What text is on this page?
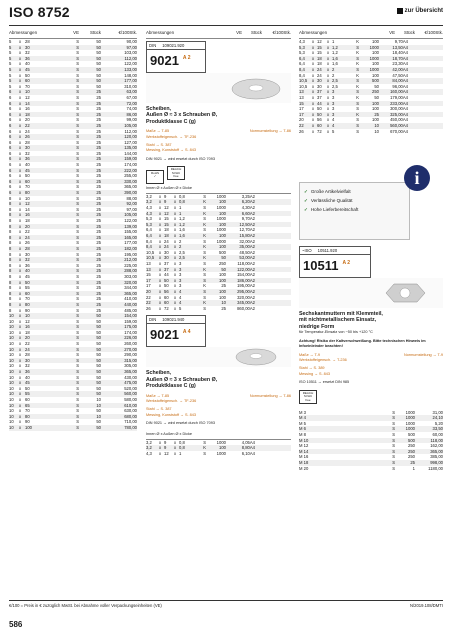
ISO 8752	zur Übersicht
Abmessungen	VE	Stück	€/100Stk.
5	x 28	S	50	90,00
5	x 30	S	50	97,00
5	x 32	S	50	103,00
5	x 36	S	50	112,00
5	x 40	S	50	122,00
5	x 45	S	50	133,00
5	x 50	S	50	148,00
5	x 60	S	50	177,00
5	x 70	S	50	310,00
6	x 10	S	25	63,00
6	x 12	S	25	67,00
6	x 14	S	25	72,00
6	x 16	S	25	74,00
6	x 18	S	25	86,00
6	x 20	S	25	99,00
6	x 22	S	25	105,00
6	x 24	S	25	112,00
6	x 26	S	25	120,00
6	x 28	S	25	127,00
6	x 30	S	25	135,00
6	x 32	S	25	144,00
6	x 36	S	25	159,00
6	x 40	S	25	174,00
6	x 45	S	25	222,00
6	x 50	S	25	255,00
6	x 60	S	25	330,00
6	x 70	S	25	365,00
6	x 80	S	25	390,00
8	x 10	S	25	88,00
8	x 12	S	25	92,00
8	x 14	S	25	97,00
8	x 16	S	25	105,00
8	x 18	S	25	122,00
8	x 20	S	25	139,00
8	x 22	S	25	155,00
8	x 24	S	25	165,00
8	x 26	S	25	177,00
8	x 28	S	25	182,00
8	x 30	S	25	195,00
8	x 32	S	25	212,00
8	x 36	S	25	225,00
8	x 40	S	25	288,00
8	x 45	S	25	303,00
8	x 50	S	25	320,00
8	x 55	S	25	344,00
8	x 60	S	25	365,00
8	x 70	S	25	410,00
8	x 80	S	25	440,00
8	x 90	S	25	485,00
10	x 10	S	50	154,00
10	x 12	S	50	159,00
10	x 16	S	50	175,00
10	x 18	S	50	174,00
10	x 20	S	50	226,00
10	x 22	S	50	260,00
10	x 24	S	50	270,00
10	x 28	S	50	290,00
10	x 30	S	50	315,00
10	x 32	S	50	305,00
10	x 36	S	50	365,00
10	x 40	S	50	430,00
10	x 45	S	50	475,00
10	x 50	S	50	520,00
10	x 55	S	50	560,00
10	x 60	S	10	580,00
10	x 65	S	10	610,00
10	x 70	S	50	630,00
10	x 80	S	10	680,00
10	x 90	S	50	710,00
10	x 100	S	50	780,00
Abmessungen	VE	Stück	€/100Stk.
DIN 109021.920
9021 A 2
Scheiben,
Außen Ø ≈ 3 x Schrauben Ø,
Produktklasse C (g)
Maße → T-85	Normumstellung → T-86
Werkstoffeigensch. → TF-236
Stahl → S. 387
Messing, Kunststoff → S. 843
DIN 9021 → wird ersetzt durch ISO 7093
RoHS
✓REACH
SVHC
free
Innen Ø x Außen Ø x Dicke
3,2	x 9	x 0,8	S	1000	3,25A2
3,2	x 9	x 0,8	K	100	6,20A2
4,3	x 12	x 1	S	1000	4,30A2
4,3	x 12	x 1	K	100	6,60A2
5,3	x 15	x 1,2	S	1000	9,70A2
5,3	x 15	x 1,2	K	100	12,50A2
6,4	x 18	x 1,6	S	1000	12,70A2
6,4	x 18	x 1,6	K	100	15,80A2
8,4	x 24	x 2	S	1000	32,00A2
8,4	x 24	x 2	K	100	35,00A2
10,5	x 30	x 2,5	S	500	48,50A2
10,5	x 30	x 2,5	K	50	53,00A2
13	x 37	x 3	S	250	118,00A2
13	x 37	x 3	K	50	122,00A2
15	x 44	x 3	S	100	154,00A2
17	x 50	x 3	S	100	186,00A2
17	x 50	x 3	K	25	195,00A2
20	x 56	x 4	S	100	295,00A2
22	x 60	x 4	S	100	320,00A2
22	x 60	x 4	K	10	345,00A2
26	x 72	x 5	S	25	860,00A2
DIN 109021.940
9021 A 4
Scheiben,
Außen Ø ≈ 3 x Schrauben Ø,
Produktklasse C (g)
Maße → T-85	Normumstellung → T-86
Werkstoffeigensch. → TF-236
Stahl → S. 387
Messing, Kunststoff → S. 843
DIN 9021 → wird ersetzt durch ISO 7093
Innen Ø x Außen Ø x Dicke
3,2	x 9	x 0,8	S	1000	4,05A4
3,2	x 9	x 0,8	K	100	8,80A4
4,3	x 12	x 1	S	1000	6,10A4
Abmessungen	VE	Stück	€/100Stk.
4,3	x 12	x 1	K	100	9,70A4
5,3	x 15	x 1,2	S	1000	13,50A4
5,3	x 15	x 1,2	K	100	18,40A4
6,4	x 18	x 1,6	S	1000	18,70A4
6,4	x 18	x 1,6	K	100	23,30A4
8,4	x 24	x 2	S	1000	42,00A4
8,4	x 24	x 2	K	100	47,50A4
10,5	x 30	x 2,5	S	500	84,00A4
10,5	x 30	x 2,5	K	50	96,00A4
13	x 37	x 3	S	250	160,00A4
13	x 37	x 3	K	50	179,00A4
15	x 44	x 3	S	100	233,00A4
17	x 50	x 3	S	100	300,00A4
17	x 50	x 3	K	25	325,00A4
20	x 56	x 4	S	100	450,00A4
22	x 60	x 4	S	10	560,00A4
26	x 72	x 5	S	10	670,00A4
✓ Große Artikelvielfalt
✓ Verlässliche Qualität
✓ Hohe Lieferbereitschaft
i
~ISO 10511.920
10511 A 2
Sechskantmuttern mit Klemmteil,
mit nichtmetallischem Einsatz,
niedrige Form
für Temperatur-Einsatz von −50 bis +120 °C
Achtung! Risiko der Kaltverschweißung. Bitte technischen Hinweis im Infoeinleinder beachten!
Maße → T-9	Normumstellung → T-9
Werkstoffeigensch. → T-236
Stahl → S. 389
Messing → S. 843
ISO 10511 → ersetzt DIN 985
REACH
SVHC
free
M 3	S	1000	31,00
M 4	S	1000	24,10
M 5	S	1000	5,20
M 6	S	1000	33,50
M 8	S	500	60,00
M 10	S	500	118,00
M 12	S	250	162,00
M 14	S	250	365,00
M 16	S	250	385,00
M 18	S	25	998,00
M 20	S	1	1180,00
€/100 = Preis in € zuzüglich MwSt. bei Abnahme voller Verpackungseinheiten (VE)	N/2019.108/DMTI
586
